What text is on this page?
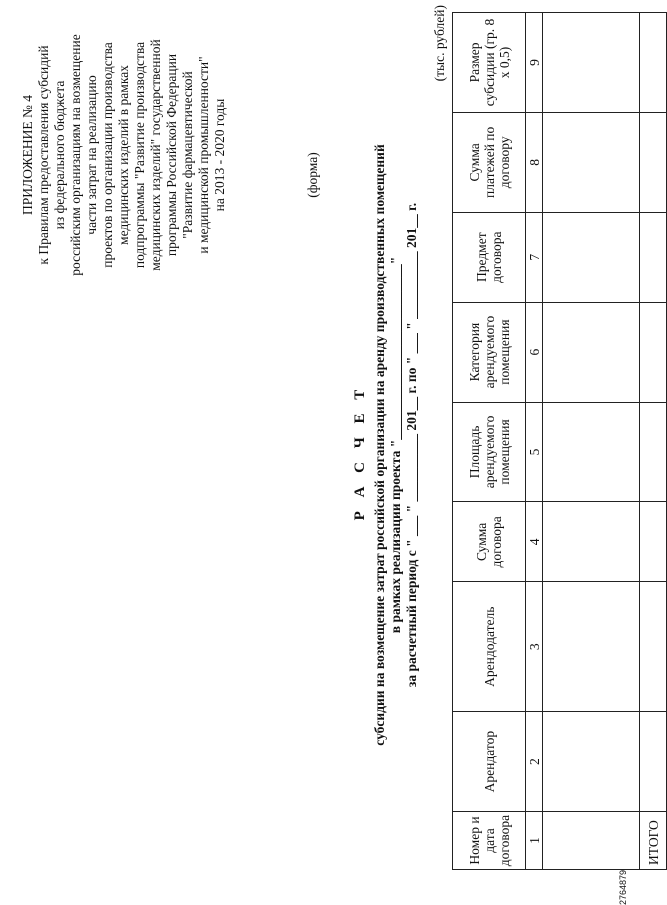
ПРИЛОЖЕНИЕ № 4 к Правилам предоставления субсидий из федерального бюджета российским организациям на возмещение части затрат на реализацию проектов по организации производства медицинских изделий в рамках подпрограммы "Развитие производства медицинских изделий" государственной программы Российской Федерации "Развитие фармацевтической и медицинской промышленности" на 2013 - 2020 годы	(форма)
Р А С Ч Е Т субсидии на возмещение затрат российской организации на аренду производственных помещений в рамках реализации проекта "__________________________" за расчетный период с " ___ " __________ 201__ г. по " ___ " __________ 201__ г.
(тыс. рублей)
Номер и дата договора	Арендатор	Арендодатель	Сумма договора	Площадь арендуемого помещения	Категория арендуемого помещения	Предмет договора	Сумма платежей по договору	Размер субсидии (гр. 8 х 0,5)
1	2	3	4	5	6	7	8	9

ИТОГО								
2764879
